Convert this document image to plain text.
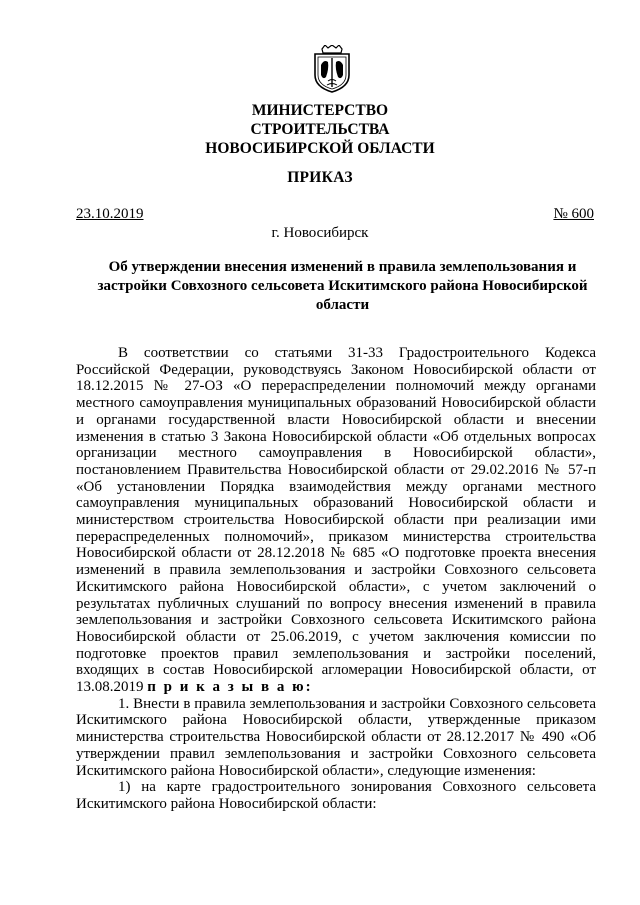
МИНИСТЕРСТВО
СТРОИТЕЛЬСТВА
НОВОСИБИРСКОЙ ОБЛАСТИ
ПРИКАЗ
23.10.2019	№ 600
г. Новосибирск
Об утверждении внесения изменений в правила землепользования и застройки Совхозного сельсовета Искитимского района Новосибирской области

В соответствии со статьями 31-33 Градостроительного Кодекса Российской Федерации, руководствуясь Законом Новосибирской области от 18.12.2015 № 27-ОЗ «О перераспределении полномочий между органами местного самоуправления муниципальных образований Новосибирской области и органами государственной власти Новосибирской области и внесении изменения в статью 3 Закона Новосибирской области «Об отдельных вопросах организации местного самоуправления в Новосибирской области», постановлением Правительства Новосибирской области от 29.02.2016 № 57-п «Об установлении Порядка взаимодействия между органами местного самоуправления муниципальных образований Новосибирской области и министерством строительства Новосибирской области при реализации ими перераспределенных полномочий», приказом министерства строительства Новосибирской области от 28.12.2018 № 685 «О подготовке проекта внесения изменений в правила землепользования и застройки Совхозного сельсовета Искитимского района Новосибирской области», с учетом заключений о результатах публичных слушаний по вопросу внесения изменений в правила землепользования и застройки Совхозного сельсовета Искитимского района Новосибирской области от 25.06.2019, с учетом заключения комиссии по подготовке проектов правил землепользования и застройки поселений, входящих в состав Новосибирской агломерации Новосибирской области, от 13.08.2019 п р и к а з ы в а ю:

1. Внести в правила землепользования и застройки Совхозного сельсовета Искитимского района Новосибирской области, утвержденные приказом министерства строительства Новосибирской области от 28.12.2017 № 490 «Об утверждении правил землепользования и застройки Совхозного сельсовета Искитимского района Новосибирской области», следующие изменения:

1) на карте градостроительного зонирования Совхозного сельсовета Искитимского района Новосибирской области:
